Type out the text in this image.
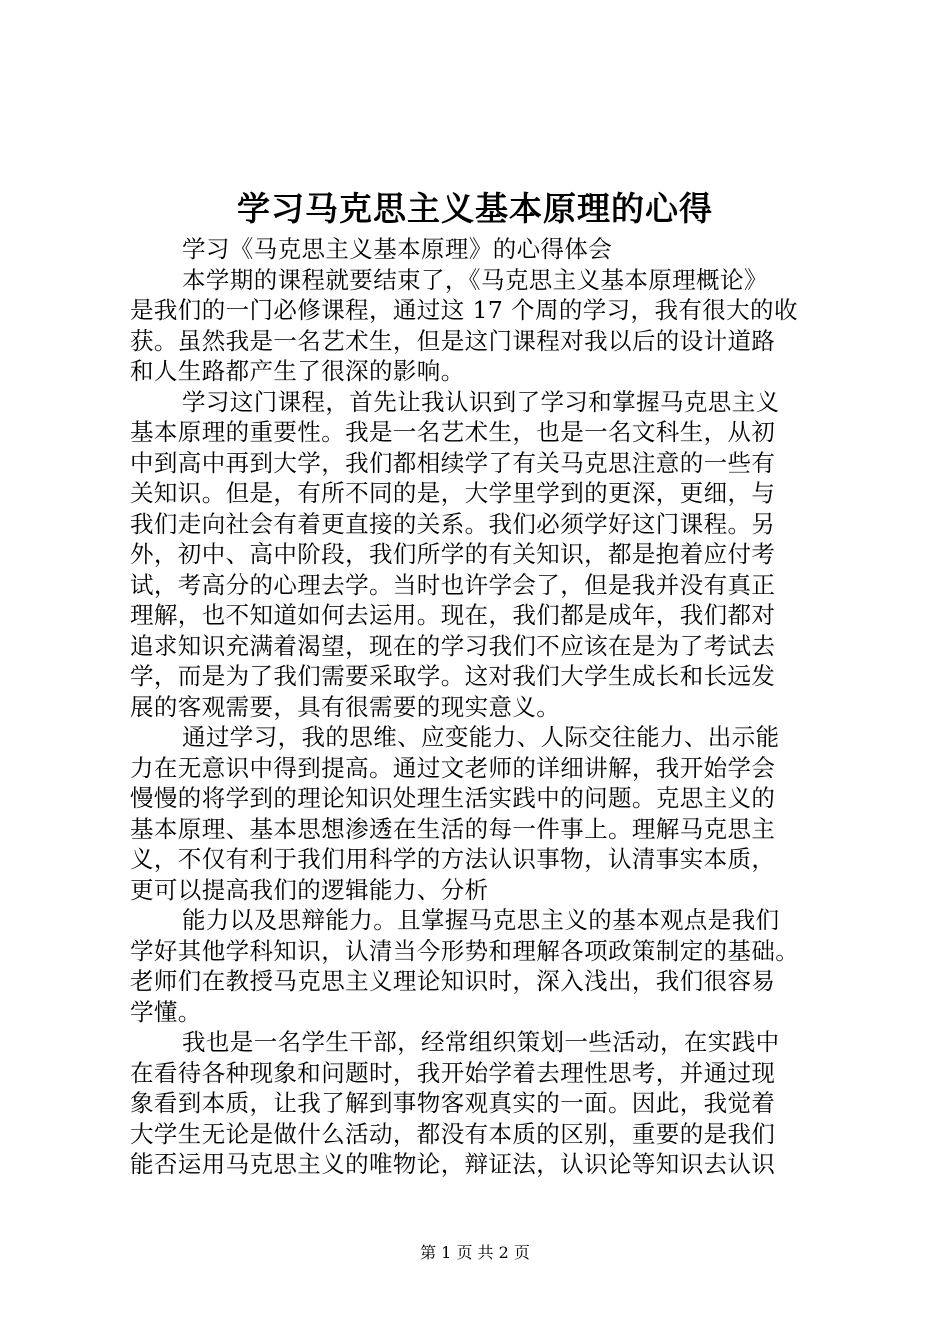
学习马克思主义基本原理的心得
学习《马克思主义基本原理》的心得体会
本学期的课程就要结束了，《马克思主义基本原理概论》
是我们的一门必修课程，通过这 17 个周的学习，我有很大的收
获。虽然我是一名艺术生，但是这门课程对我以后的设计道路
和人生路都产生了很深的影响。
学习这门课程，首先让我认识到了学习和掌握马克思主义
基本原理的重要性。我是一名艺术生，也是一名文科生，从初
中到高中再到大学，我们都相续学了有关马克思注意的一些有
关知识。但是，有所不同的是，大学里学到的更深，更细，与
我们走向社会有着更直接的关系。我们必须学好这门课程。另
外，初中、高中阶段，我们所学的有关知识，都是抱着应付考
试，考高分的心理去学。当时也许学会了，但是我并没有真正
理解，也不知道如何去运用。现在，我们都是成年，我们都对
追求知识充满着渴望，现在的学习我们不应该在是为了考试去
学，而是为了我们需要采取学。这对我们大学生成长和长远发
展的客观需要，具有很需要的现实意义。
通过学习，我的思维、应变能力、人际交往能力、出示能
力在无意识中得到提高。通过文老师的详细讲解，我开始学会
慢慢的将学到的理论知识处理生活实践中的问题。克思主义的
基本原理、基本思想渗透在生活的每一件事上。理解马克思主
义，不仅有利于我们用科学的方法认识事物，认清事实本质，
更可以提高我们的逻辑能力、分析
能力以及思辩能力。且掌握马克思主义的基本观点是我们
学好其他学科知识，认清当今形势和理解各项政策制定的基础。
老师们在教授马克思主义理论知识时，深入浅出，我们很容易
学懂。
我也是一名学生干部，经常组织策划一些活动，在实践中
在看待各种现象和问题时，我开始学着去理性思考，并通过现
象看到本质，让我了解到事物客观真实的一面。因此，我觉着
大学生无论是做什么活动，都没有本质的区别，重要的是我们
能否运用马克思主义的唯物论，辩证法，认识论等知识去认识
第 1 页 共 2 页
